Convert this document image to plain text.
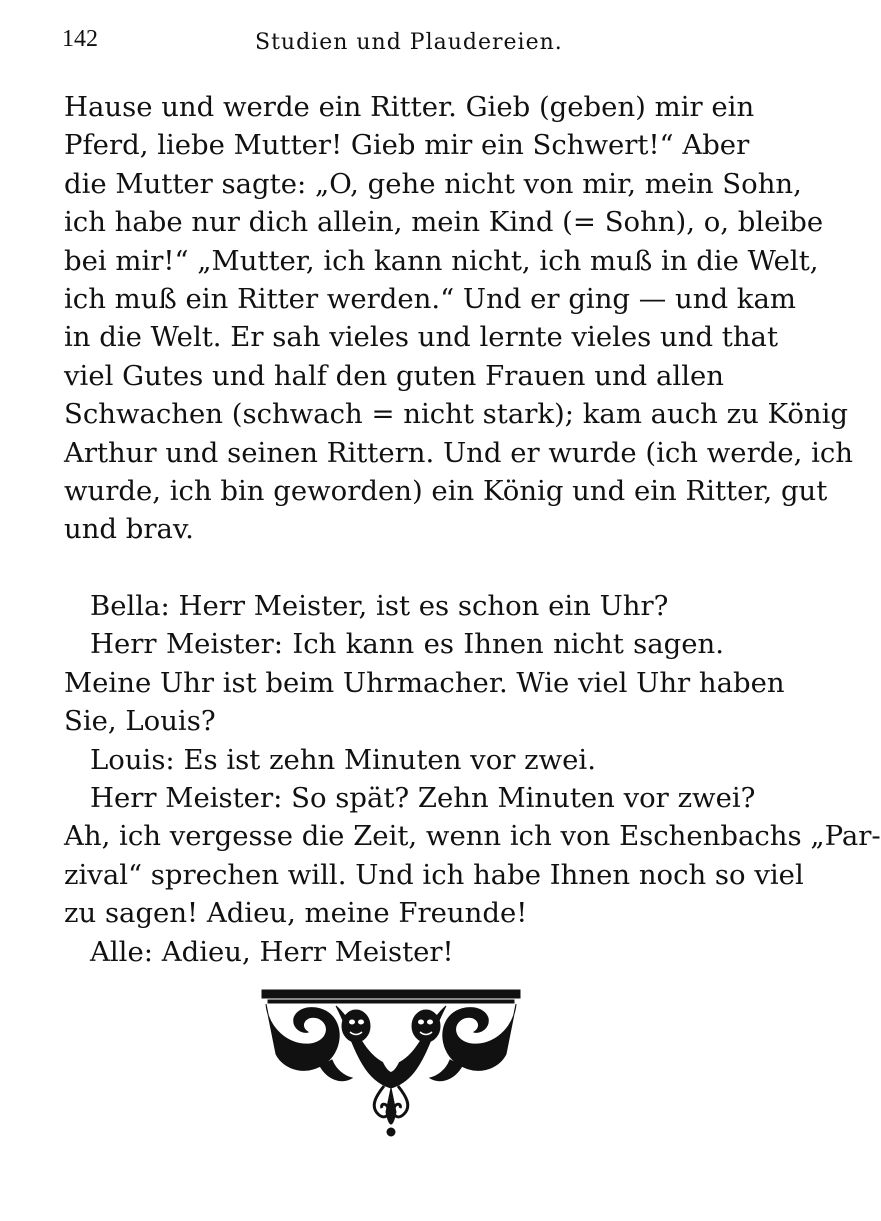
142	Studien und Plaudereien.
Hause und werde ein Ritter. Gieb (geben) mir ein
Pferd, liebe Mutter! Gieb mir ein Schwert!“ Aber
die Mutter sagte: „O, gehe nicht von mir, mein Sohn,
ich habe nur dich allein, mein Kind (= Sohn), o, bleibe
bei mir!“ „Mutter, ich kann nicht, ich muß in die Welt,
ich muß ein Ritter werden.“ Und er ging — und kam
in die Welt. Er sah vieles und lernte vieles und that
viel Gutes und half den guten Frauen und allen
Schwachen (schwach = nicht stark); kam auch zu König
Arthur und seinen Rittern. Und er wurde (ich werde, ich
wurde, ich bin geworden) ein König und ein Ritter, gut
und brav.
Bella: Herr Meister, ist es schon ein Uhr?
Herr Meister: Ich kann es Ihnen nicht sagen.
Meine Uhr ist beim Uhrmacher. Wie viel Uhr haben
Sie, Louis?
Louis: Es ist zehn Minuten vor zwei.
Herr Meister: So spät? Zehn Minuten vor zwei?
Ah, ich vergesse die Zeit, wenn ich von Eschenbachs „Par-
zival“ sprechen will. Und ich habe Ihnen noch so viel
zu sagen! Adieu, meine Freunde!
Alle: Adieu, Herr Meister!
